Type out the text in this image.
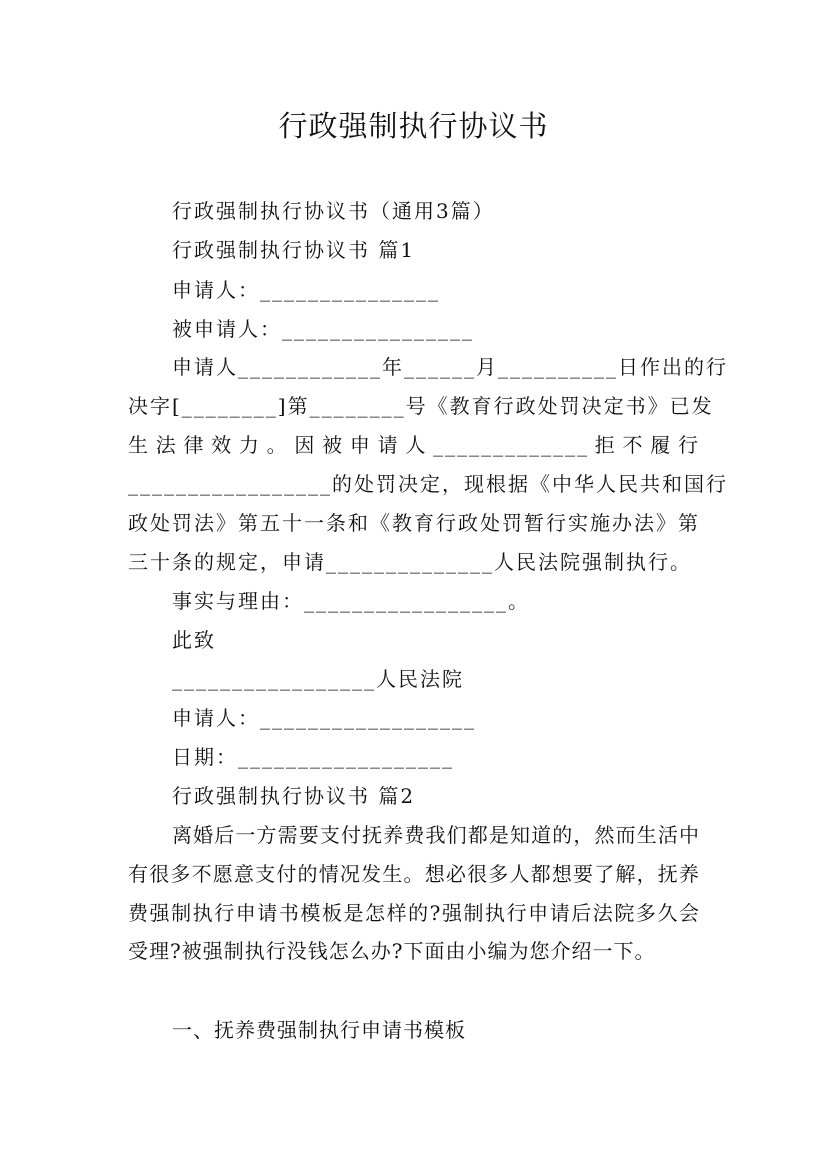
行政强制执行协议书
行政强制执行协议书（通用3篇）
行政强制执行协议书 篇1
申请人：_______________
被申请人：________________
申请人____________年______月__________日作出的行
决字[________]第________号《教育行政处罚决定书》已发
生法律效力。因被申请人_____________拒不履行
_________________的处罚决定，现根据《中华人民共和国行
政处罚法》第五十一条和《教育行政处罚暂行实施办法》第
三十条的规定，申请______________人民法院强制执行。
事实与理由：_________________。
此致
_________________人民法院
申请人：__________________
日期：__________________
行政强制执行协议书 篇2
离婚后一方需要支付抚养费我们都是知道的，然而生活中有很多不愿意支付的情况发生。想必很多人都想要了解，抚养费强制执行申请书模板是怎样的?强制执行申请后法院多久会受理?被强制执行没钱怎么办?下面由小编为您介绍一下。
一、抚养费强制执行申请书模板
